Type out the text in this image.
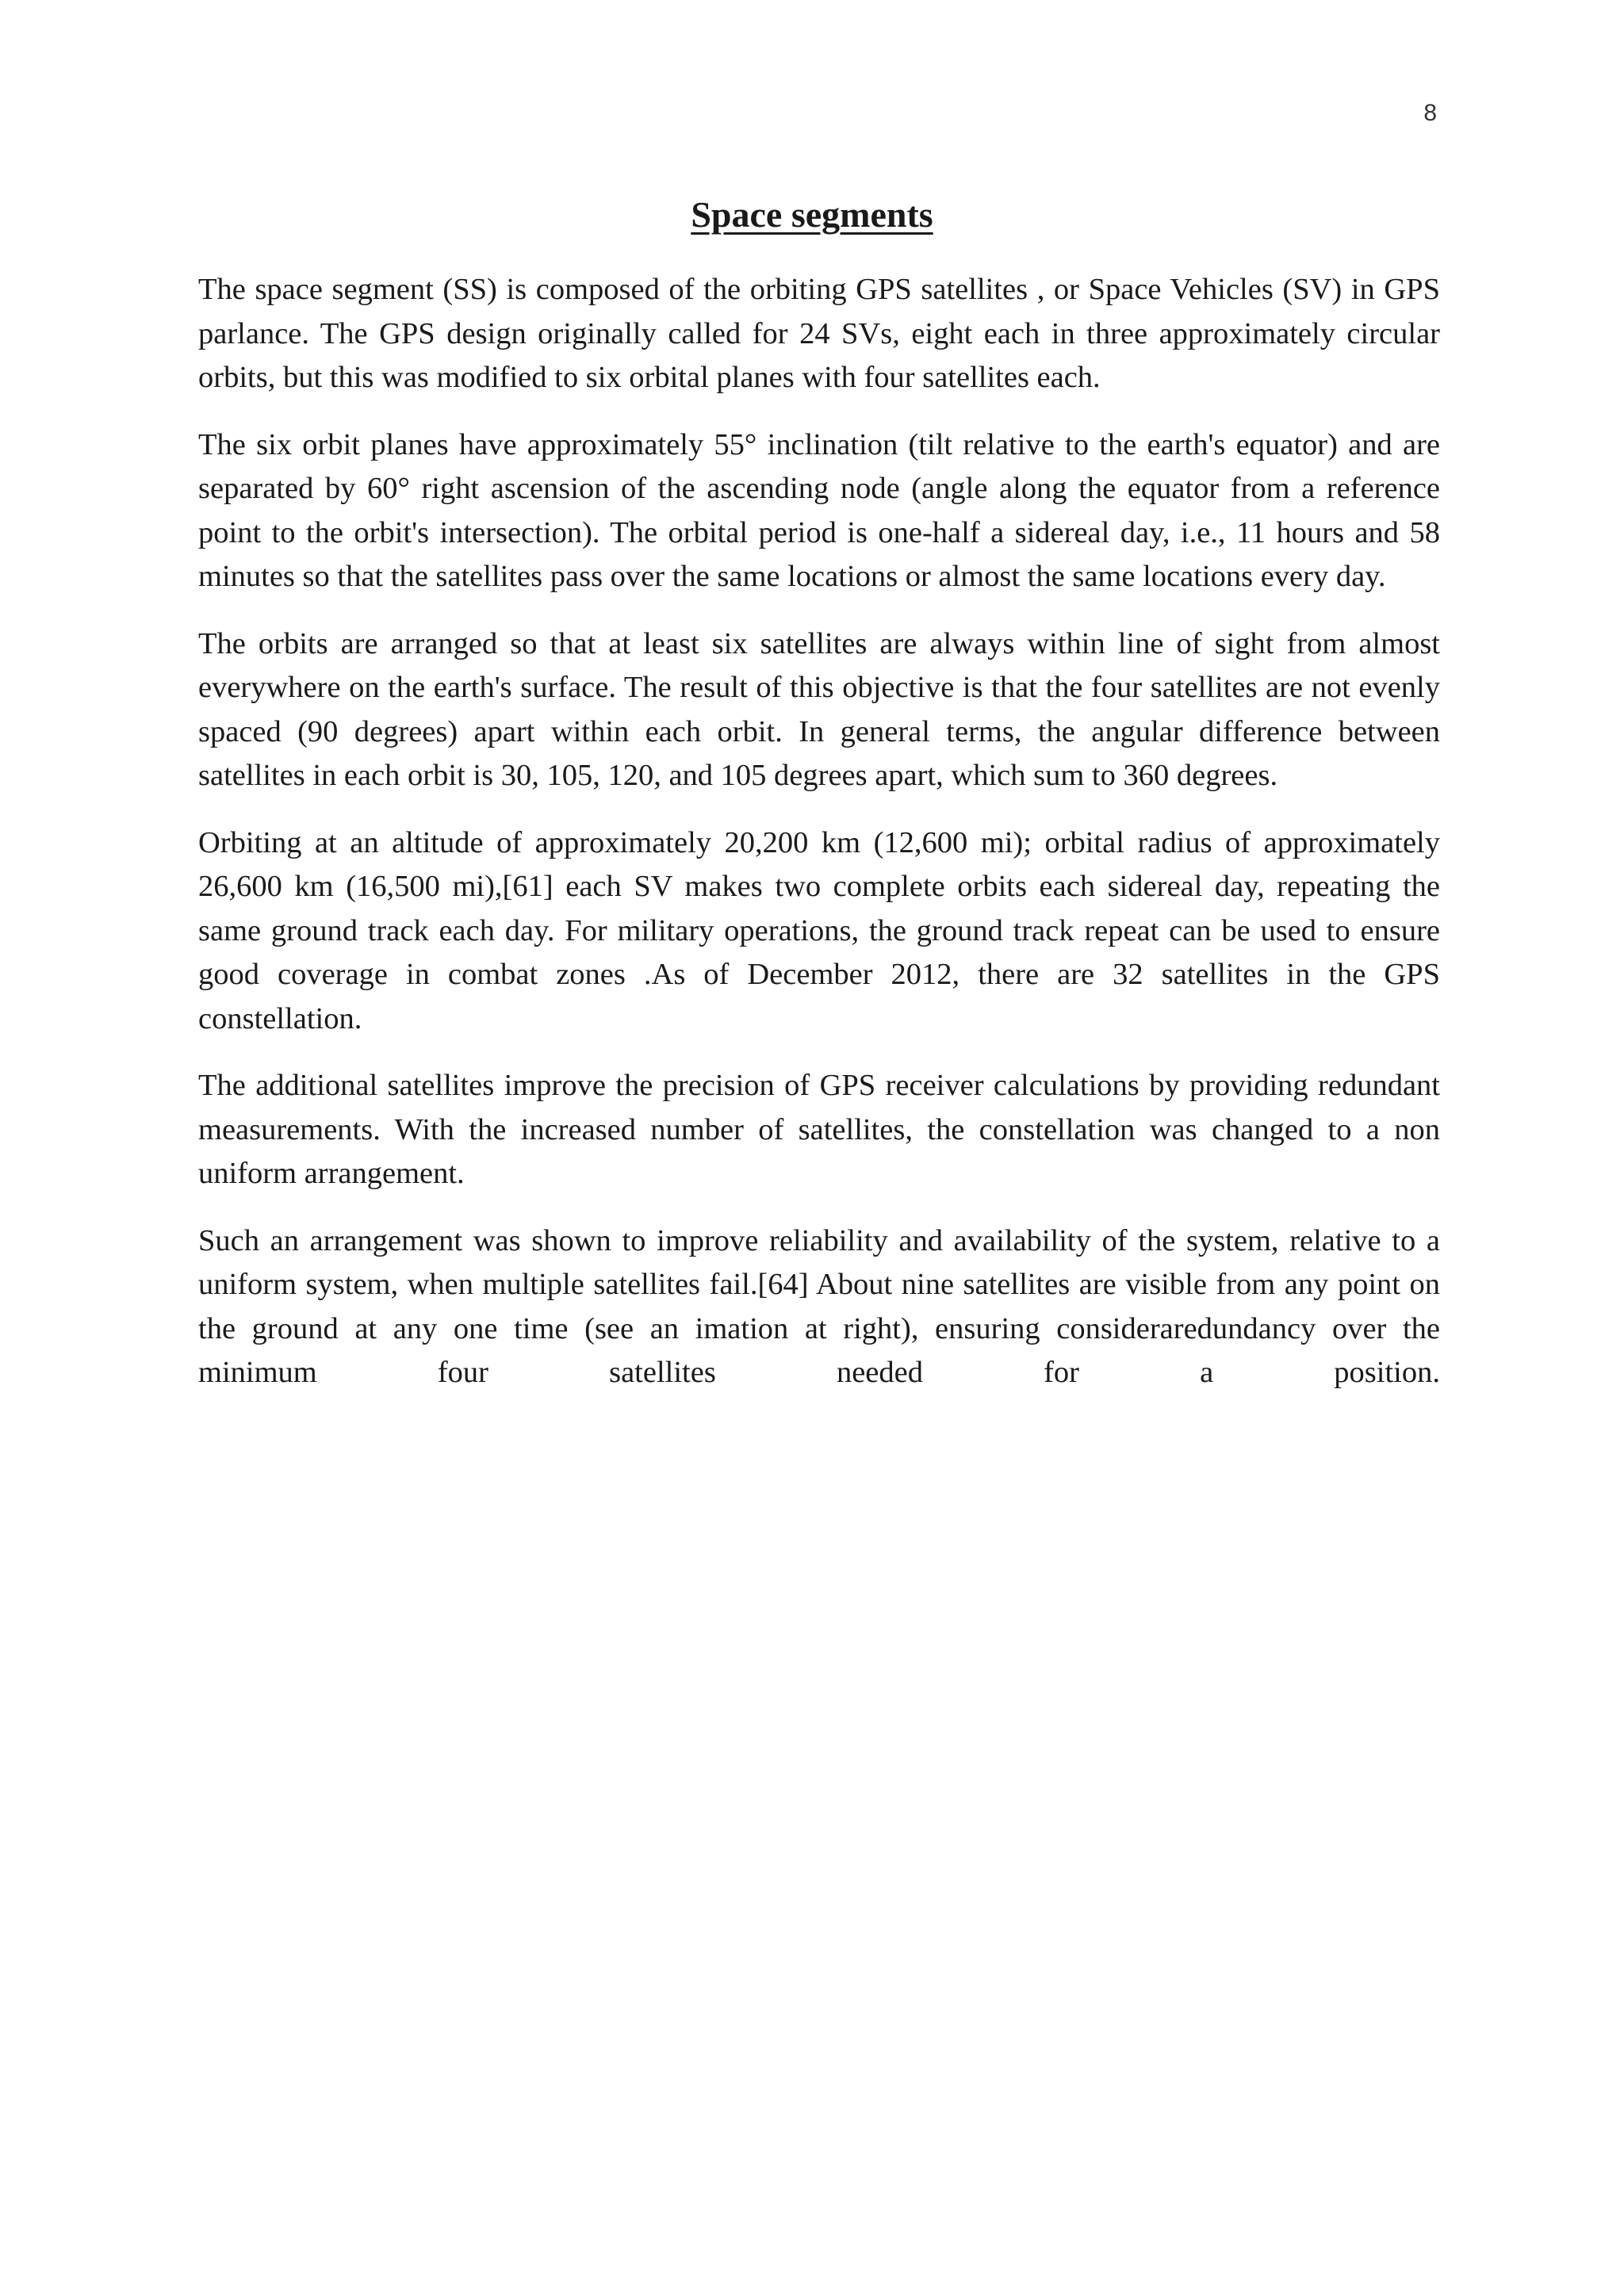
8
Space segments

The space segment (SS) is composed of the orbiting GPS satellites , or Space Vehicles (SV) in GPS parlance. The GPS design originally called for 24 SVs, eight each in three approximately circular orbits, but this was modified to six orbital planes with four satellites each.

The six orbit planes have approximately 55° inclination (tilt relative to the earth's equator) and are separated by 60° right ascension of the ascending node (angle along the equator from a reference point to the orbit's intersection). The orbital period is one-half a sidereal day, i.e., 11 hours and 58 minutes so that the satellites pass over the same locations or almost the same locations every day.

The orbits are arranged so that at least six satellites are always within line of sight from almost everywhere on the earth's surface. The result of this objective is that the four satellites are not evenly spaced (90 degrees) apart within each orbit. In general terms, the angular difference between satellites in each orbit is 30, 105, 120, and 105 degrees apart, which sum to 360 degrees.

Orbiting at an altitude of approximately 20,200 km (12,600 mi); orbital radius of approximately 26,600 km (16,500 mi),[61] each SV makes two complete orbits each sidereal day, repeating the same ground track each day. For military operations, the ground track repeat can be used to ensure good coverage in combat zones .As of December 2012, there are 32 satellites in the GPS constellation.

The additional satellites improve the precision of GPS receiver calculations by providing redundant measurements. With the increased number of satellites, the constellation was changed to a non uniform arrangement.

Such an arrangement was shown to improve reliability and availability of the system, relative to a uniform system, when multiple satellites fail.[64] About nine satellites are visible from any point on the ground at any one time (see an imation at right), ensuring consideraredundancy over the minimum four satellites needed for a position.
